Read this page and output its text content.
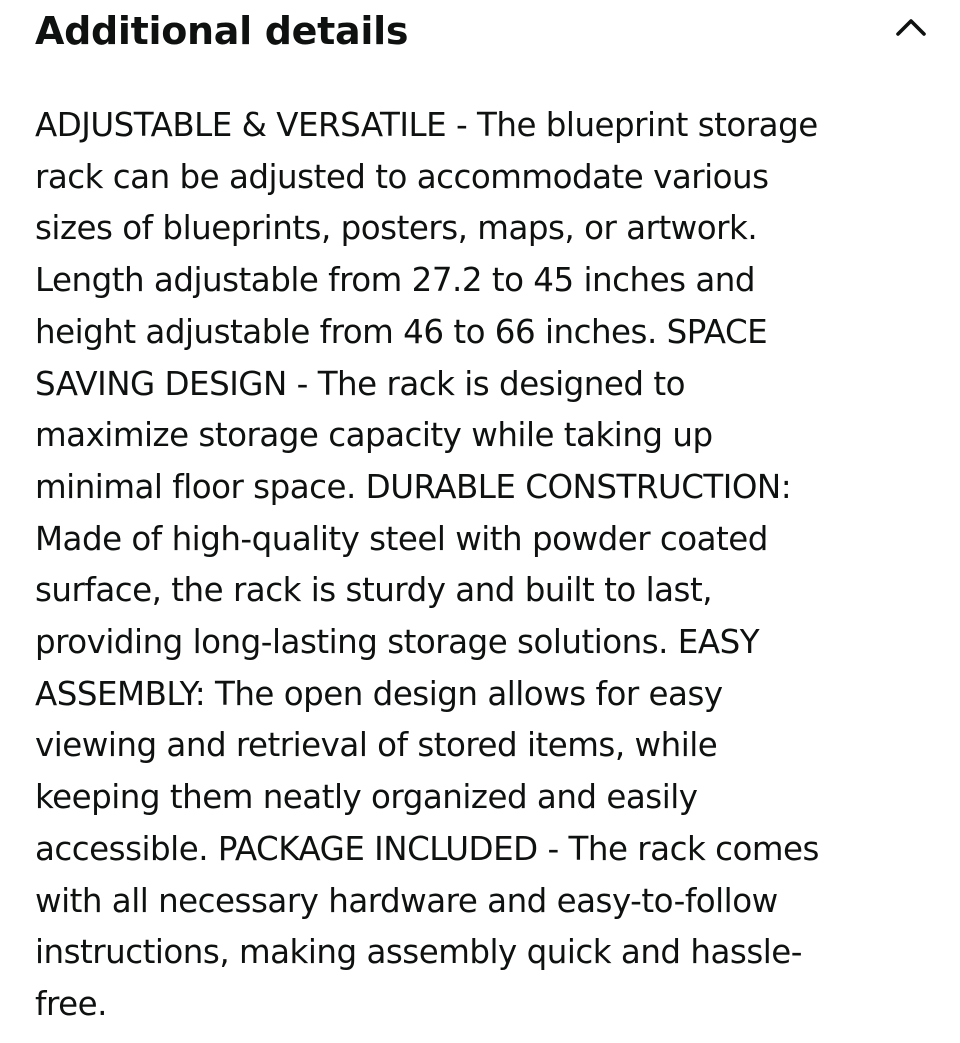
Additional details

ADJUSTABLE & VERSATILE - The blueprint storage
rack can be adjusted to accommodate various
sizes of blueprints, posters, maps, or artwork.
Length adjustable from 27.2 to 45 inches and
height adjustable from 46 to 66 inches. SPACE
SAVING DESIGN - The rack is designed to
maximize storage capacity while taking up
minimal floor space. DURABLE CONSTRUCTION:
Made of high-quality steel with powder coated
surface, the rack is sturdy and built to last,
providing long-lasting storage solutions. EASY
ASSEMBLY: The open design allows for easy
viewing and retrieval of stored items, while
keeping them neatly organized and easily
accessible. PACKAGE INCLUDED - The rack comes
with all necessary hardware and easy-to-follow
instructions, making assembly quick and hassle-
free.
